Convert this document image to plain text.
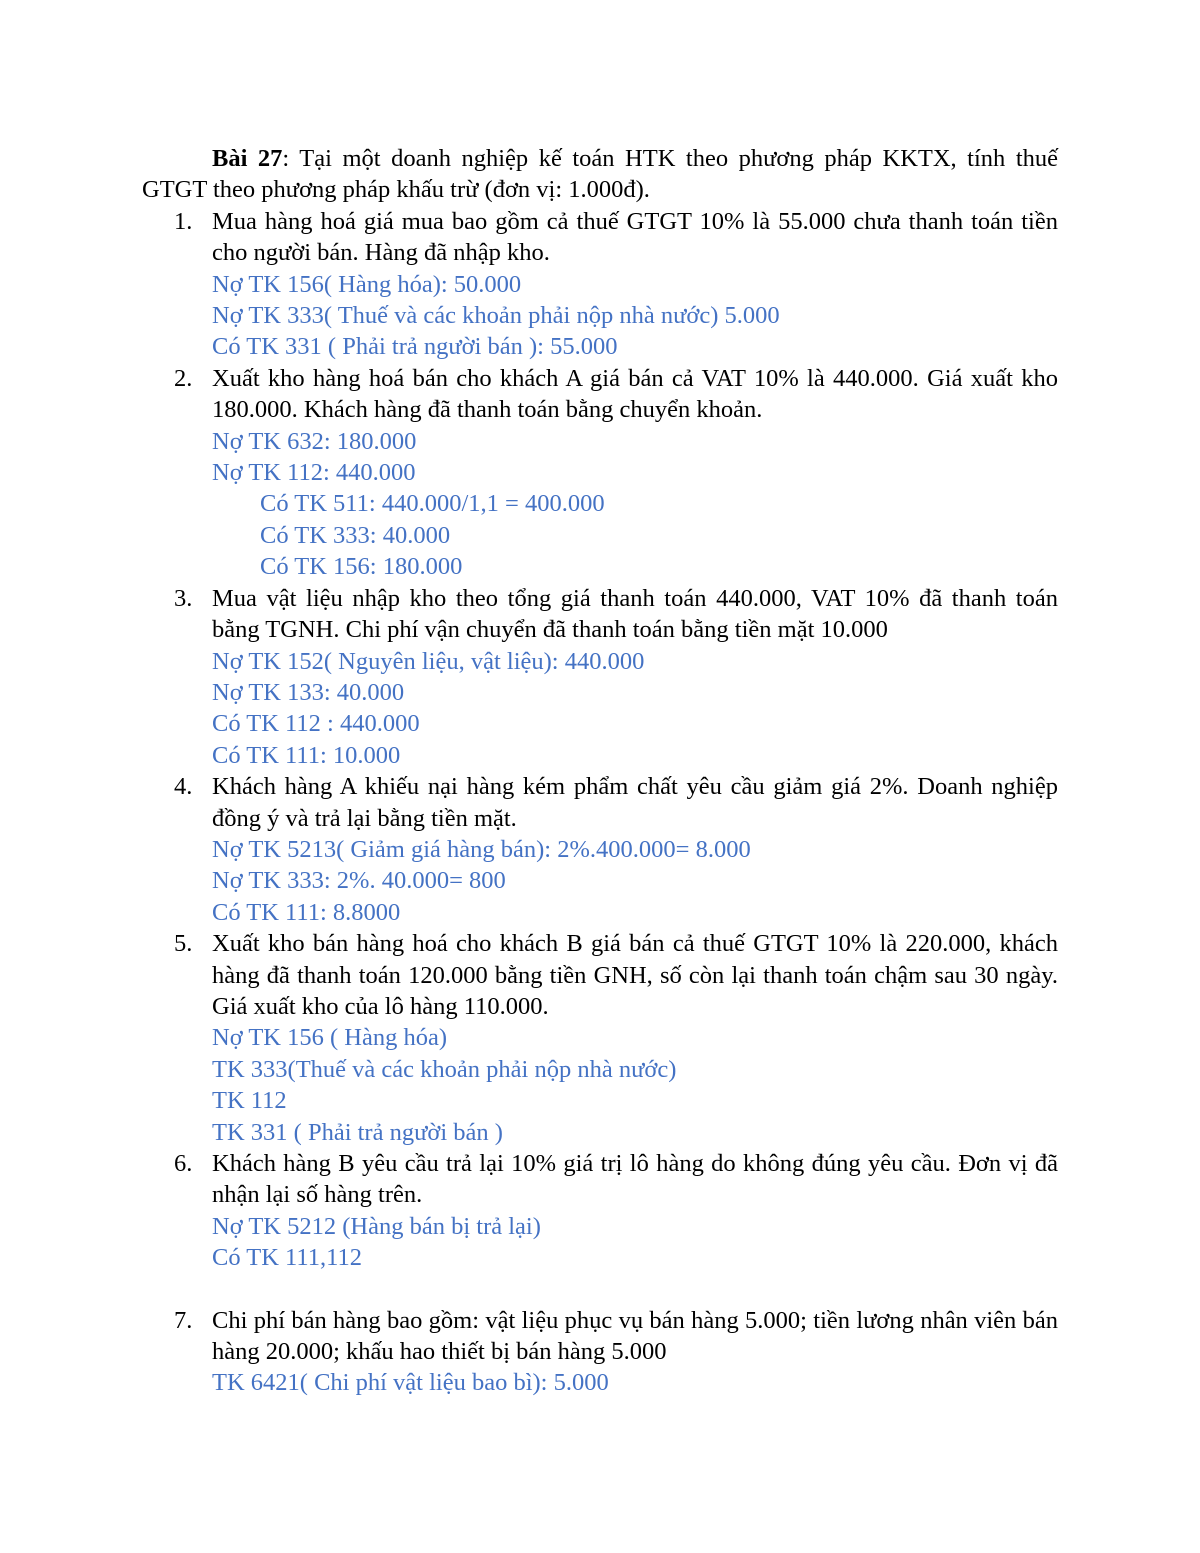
Bài 27: Tại một doanh nghiệp kế toán HTK theo phương pháp KKTX, tính thuế GTGT theo phương pháp khấu trừ (đơn vị: 1.000đ).

1. Mua hàng hoá giá mua bao gồm cả thuế GTGT 10% là 55.000 chưa thanh toán tiền cho người bán. Hàng đã nhập kho.

Nợ TK 156( Hàng hóa): 50.000

Nợ TK 333( Thuế và các khoản phải nộp nhà nước) 5.000

Có TK 331 ( Phải trả người bán ): 55.000

2. Xuất kho hàng hoá bán cho khách A giá bán cả VAT 10% là 440.000. Giá xuất kho 180.000. Khách hàng đã thanh toán bằng chuyển khoản.

Nợ TK 632: 180.000

Nợ TK 112: 440.000

Có TK 511: 440.000/1,1 = 400.000

Có TK 333: 40.000

Có TK 156: 180.000

3. Mua vật liệu nhập kho theo tổng giá thanh toán 440.000, VAT 10% đã thanh toán bằng TGNH. Chi phí vận chuyển đã thanh toán bằng tiền mặt 10.000

Nợ TK 152( Nguyên liệu, vật liệu): 440.000

Nợ TK 133: 40.000

Có TK 112 : 440.000

Có TK 111: 10.000

4. Khách hàng A khiếu nại hàng kém phẩm chất yêu cầu giảm giá 2%. Doanh nghiệp đồng ý và trả lại bằng tiền mặt.

Nợ TK 5213( Giảm giá hàng bán): 2%.400.000= 8.000

Nợ TK 333: 2%. 40.000= 800

Có TK 111: 8.8000

5. Xuất kho bán hàng hoá cho khách B giá bán cả thuế GTGT 10% là 220.000, khách hàng đã thanh toán 120.000 bằng tiền GNH, số còn lại thanh toán chậm sau 30 ngày. Giá xuất kho của lô hàng 110.000.

Nợ TK 156 ( Hàng hóa)

TK 333(Thuế và các khoản phải nộp nhà nước)

TK 112

TK 331 ( Phải trả người bán )

6. Khách hàng B yêu cầu trả lại 10% giá trị lô hàng do không đúng yêu cầu. Đơn vị đã nhận lại số hàng trên.

Nợ TK 5212 (Hàng bán bị trả lại)

Có TK 111,112

7. Chi phí bán hàng bao gồm: vật liệu phục vụ bán hàng 5.000; tiền lương nhân viên bán hàng 20.000; khấu hao thiết bị bán hàng 5.000

TK 6421( Chi phí vật liệu bao bì): 5.000
